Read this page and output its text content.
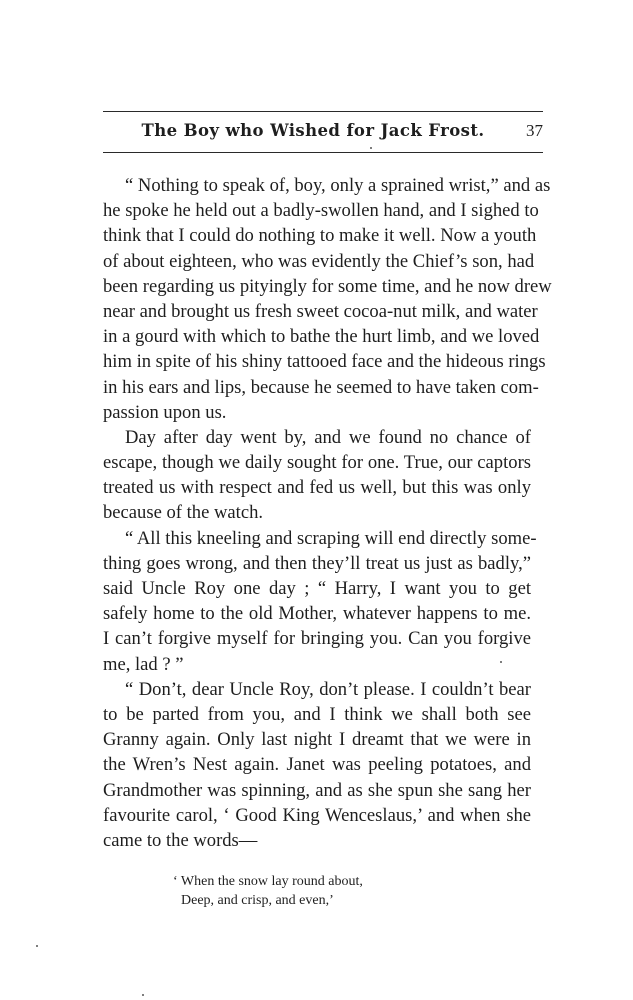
The Boy who Wished for Jack Frost.	37
“ Nothing to speak of, boy, only a sprained wrist,” and as
he spoke he held out a badly-swollen hand, and I sighed to
think that I could do nothing to make it well. Now a youth
of about eighteen, who was evidently the Chief’s son, had
been regarding us pityingly for some time, and he now drew
near and brought us fresh sweet cocoa-nut milk, and water
in a gourd with which to bathe the hurt limb, and we loved
him in spite of his shiny tattooed face and the hideous rings
in his ears and lips, because he seemed to have taken com-
passion upon us.
Day after day went by, and we found no chance of
escape, though we daily sought for one. True, our captors
treated us with respect and fed us well, but this was only
because of the watch.
“ All this kneeling and scraping will end directly some-
thing goes wrong, and then they’ll treat us just as badly,”
said Uncle Roy one day ; “ Harry, I want you to get
safely home to the old Mother, whatever happens to me.
I can’t forgive myself for bringing you. Can you forgive
me, lad ? ”
“ Don’t, dear Uncle Roy, don’t please. I couldn’t bear
to be parted from you, and I think we shall both see
Granny again. Only last night I dreamt that we were in
the Wren’s Nest again. Janet was peeling potatoes, and
Grandmother was spinning, and as she spun she sang her
favourite carol, ‘ Good King Wenceslaus,’ and when she
came to the words—
‘ When the snow lay round about,
Deep, and crisp, and even,’
